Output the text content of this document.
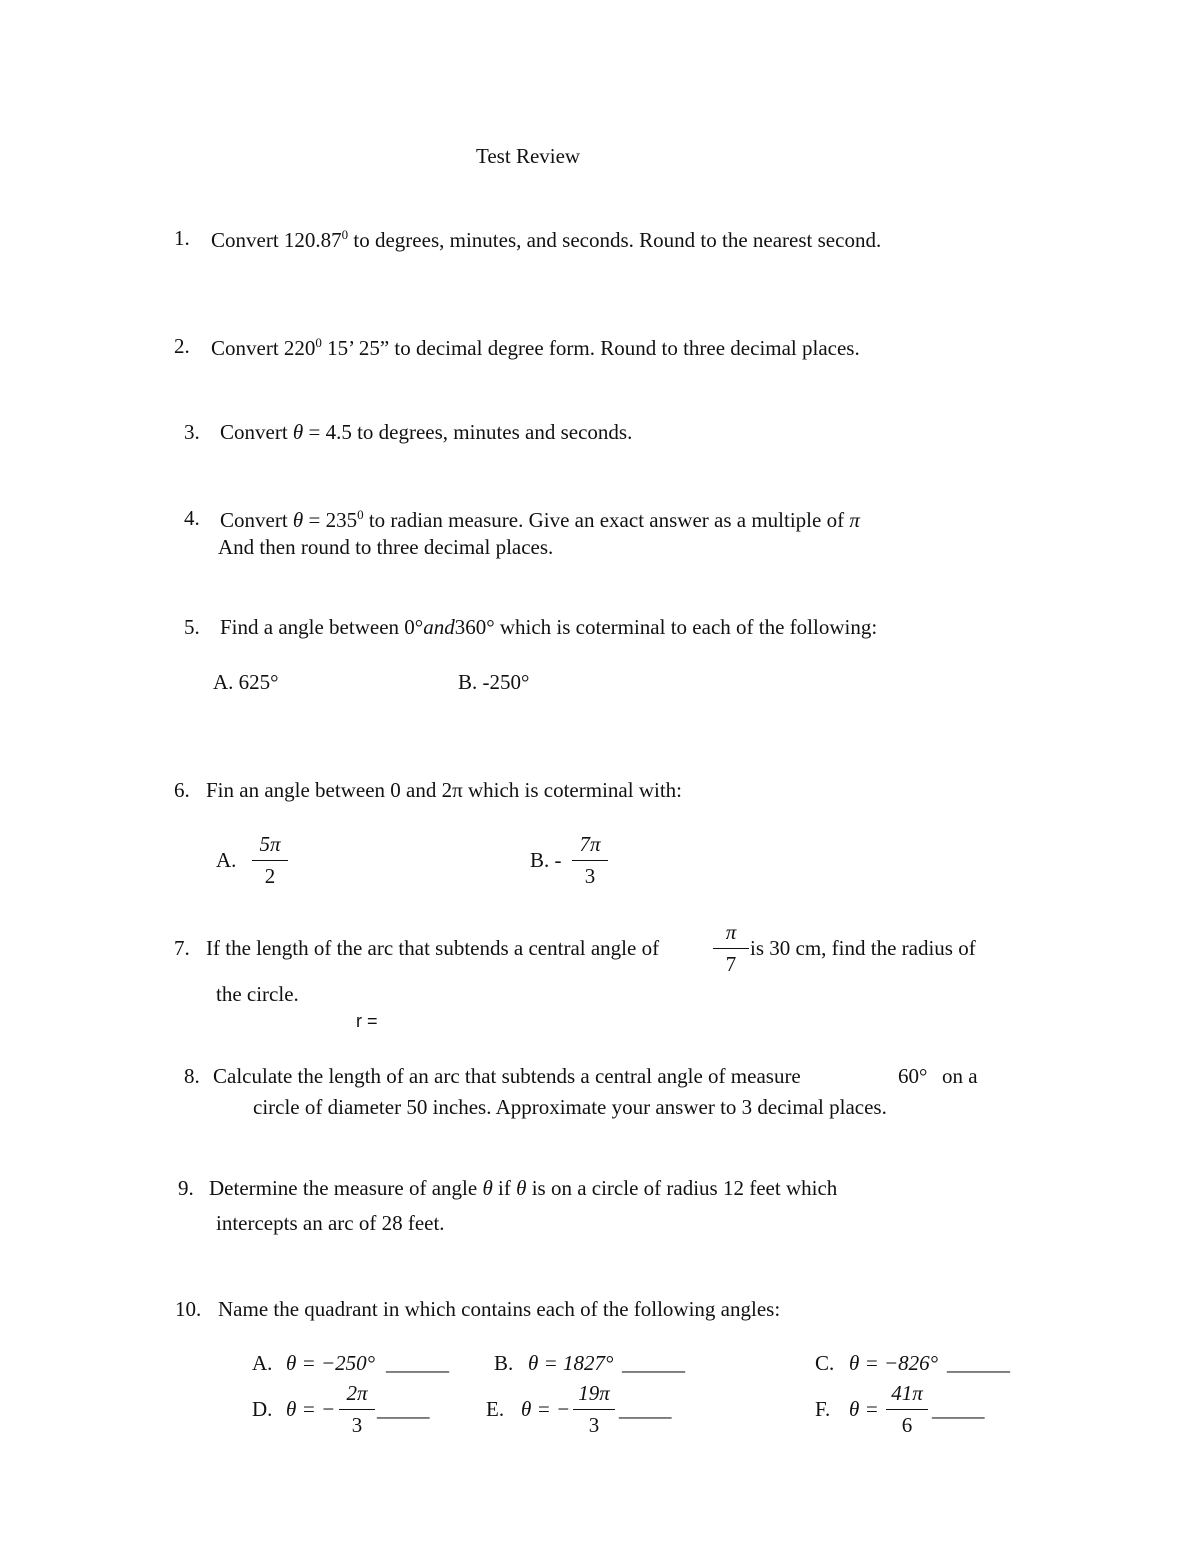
Test Review
1. Convert 120.87$^0$ to degrees, minutes, and seconds. Round to the nearest second.
2. Convert $220^0$ 15’ 25” to decimal degree form. Round to three decimal places.
3. Convert θ = 4.5 to degrees, minutes and seconds.
4. Convert $\theta = 235^0$ to radian measure. Give an exact answer as a multiple of π
And then round to three decimal places.
5. Find a angle between 0°and360° which is coterminal to each of the following:
A. 625°	B. -250°
6. Fin an angle between 0 and 2π which is coterminal with:
A.
5π
2
B. -
7π
3
7. If the length of the arc that subtends a central angle of
π
7
is 30 cm, find the radius of
the circle.
r =
8. Calculate the length of an arc that subtends a central angle of measure	60° on a
circle of diameter 50 inches. Approximate your answer to 3 decimal places.
9. Determine the measure of angle θ if θ is on a circle of radius 12 feet which
intercepts an arc of 28 feet.
10. Name the quadrant in which contains each of the following angles:
A. θ = −250° ______ B. θ = 1827° ______	C. θ = −826° ______
D. θ = −
2π
3
_____	E. θ = −
19π
3
_____	F. θ =
41π
6
_____
